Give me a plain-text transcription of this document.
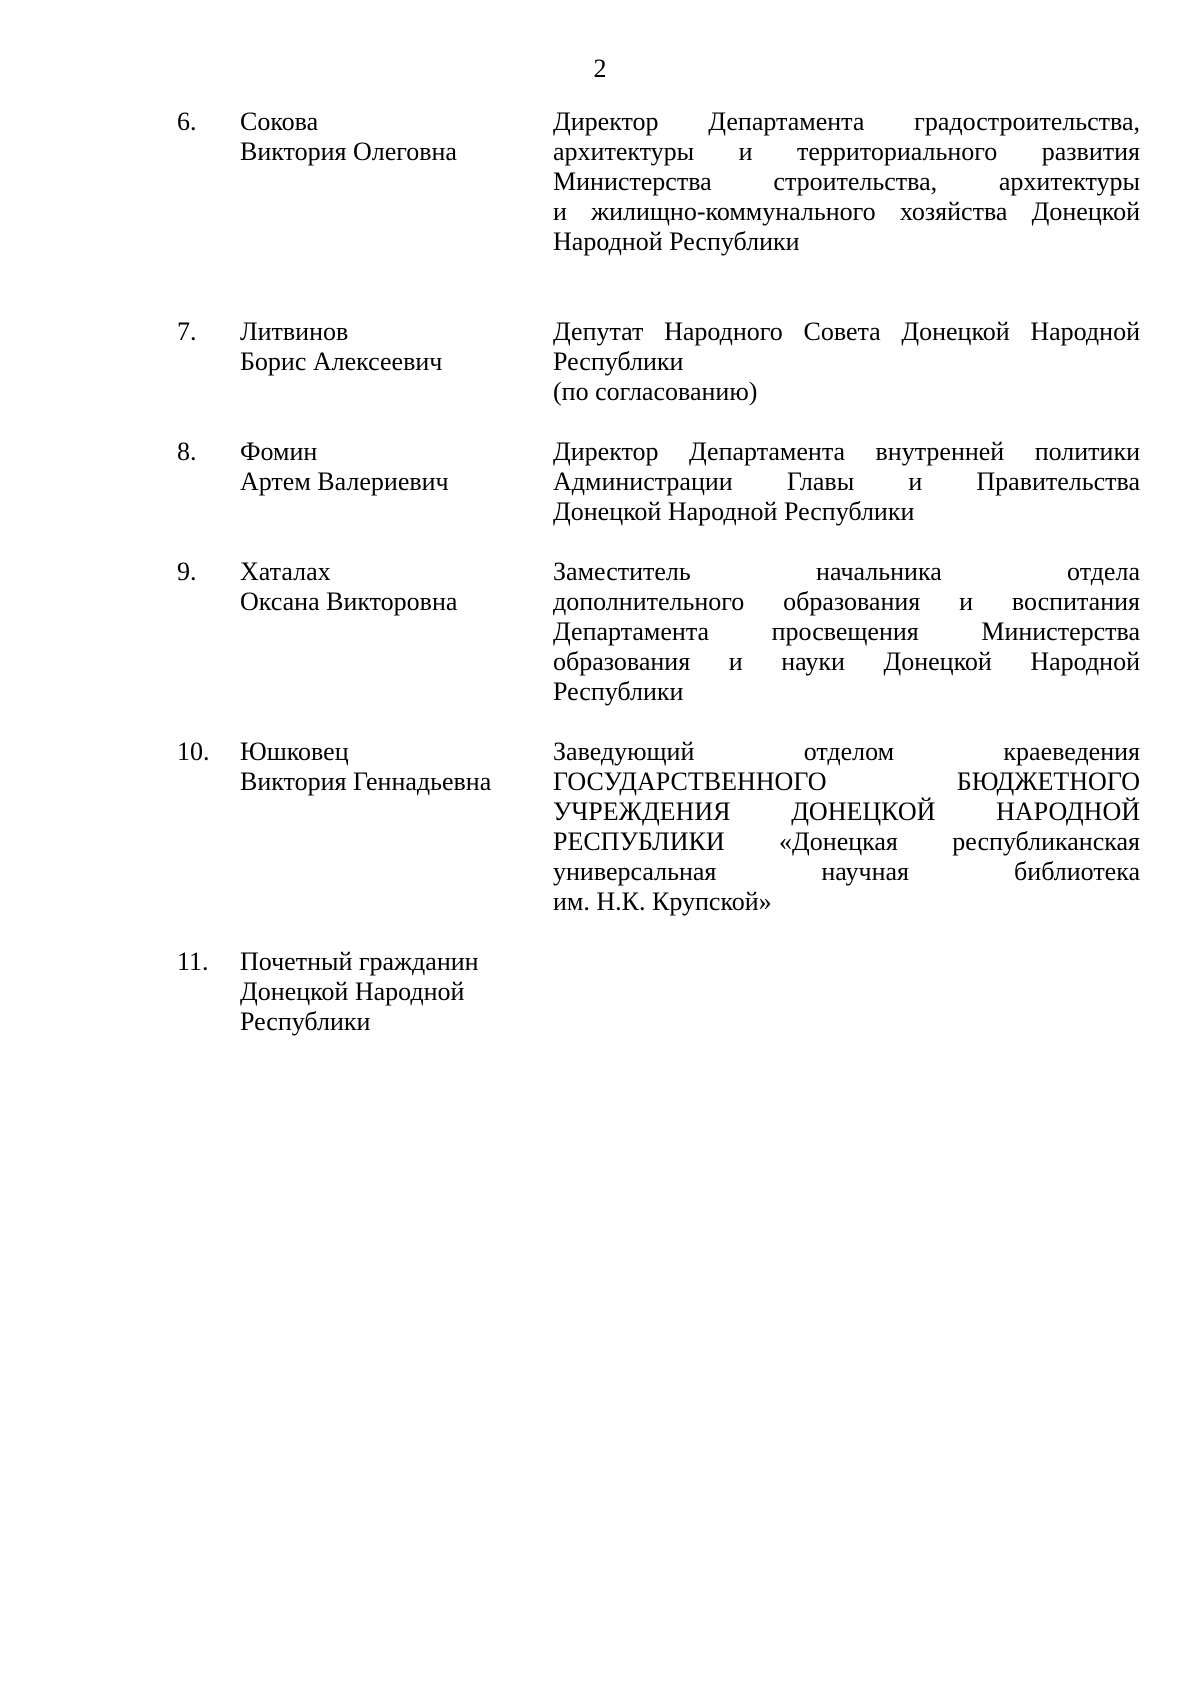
2
6. Сокова
Виктория Олеговна
Директор Департамента градостроительства,
архитектуры и территориального развития
Министерства строительства, архитектуры
и жилищно-коммунального хозяйства Донецкой
Народной Республики
7. Литвинов
Борис Алексеевич
Депутат Народного Совета Донецкой Народной
Республики
(по согласованию)
8. Фомин
Артем Валериевич
Директор Департамента внутренней политики
Администрации Главы и Правительства
Донецкой Народной Республики
9. Хаталах
Оксана Викторовна
Заместитель начальника отдела
дополнительного образования и воспитания
Департамента просвещения Министерства
образования и науки Донецкой Народной
Республики
10. Юшковец
Виктория Геннадьевна
Заведующий отделом краеведения
ГОСУДАРСТВЕННОГО БЮДЖЕТНОГО
УЧРЕЖДЕНИЯ ДОНЕЦКОЙ НАРОДНОЙ
РЕСПУБЛИКИ «Донецкая республиканская
универсальная научная библиотека
им. Н.К. Крупской»
11. Почетный гражданин
Донецкой Народной
Республики
